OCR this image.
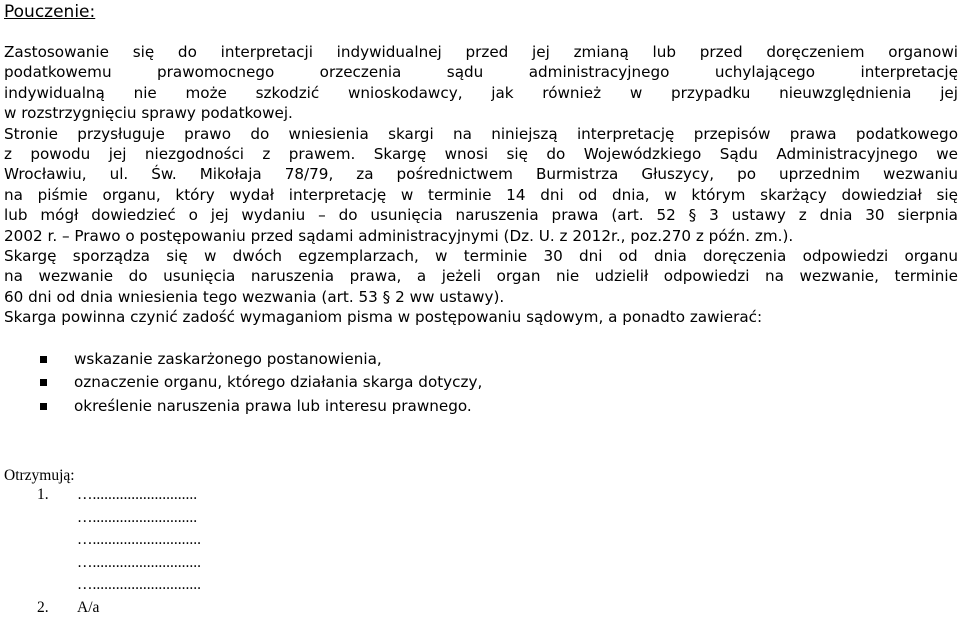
Pouczenie:
Zastosowanie się do interpretacji indywidualnej przed jej zmianą lub przed doręczeniem organowi
podatkowemu prawomocnego orzeczenia sądu administracyjnego uchylającego interpretację
indywidualną nie może szkodzić wnioskodawcy, jak również w przypadku nieuwzględnienia jej
w rozstrzygnięciu sprawy podatkowej.
Stronie przysługuje prawo do wniesienia skargi na niniejszą interpretację przepisów prawa podatkowego
z powodu jej niezgodności z prawem. Skargę wnosi się do Wojewódzkiego Sądu Administracyjnego we
Wrocławiu, ul. Św. Mikołaja 78/79, za pośrednictwem Burmistrza Głuszycy, po uprzednim wezwaniu
na piśmie organu, który wydał interpretację w terminie 14 dni od dnia, w którym skarżący dowiedział się
lub mógł dowiedzieć o jej wydaniu – do usunięcia naruszenia prawa (art. 52 § 3 ustawy z dnia 30 sierpnia
2002 r. – Prawo o postępowaniu przed sądami administracyjnymi (Dz. U. z 2012r., poz.270 z późn. zm.).
Skargę sporządza się w dwóch egzemplarzach, w terminie 30 dni od dnia doręczenia odpowiedzi organu
na wezwanie do usunięcia naruszenia prawa, a jeżeli organ nie udzielił odpowiedzi na wezwanie, terminie
60 dni od dnia wniesienia tego wezwania (art. 53 § 2 ww ustawy).
Skarga powinna czynić zadość wymaganiom pisma w postępowaniu sądowym, a ponadto zawierać:
wskazanie zaskarżonego postanowienia,
oznaczenie organu, którego działania skarga dotyczy,
określenie naruszenia prawa lub interesu prawnego.
Otrzymują:
1. …...........................
…...........................
…............................
…............................
…............................
2. A/a
